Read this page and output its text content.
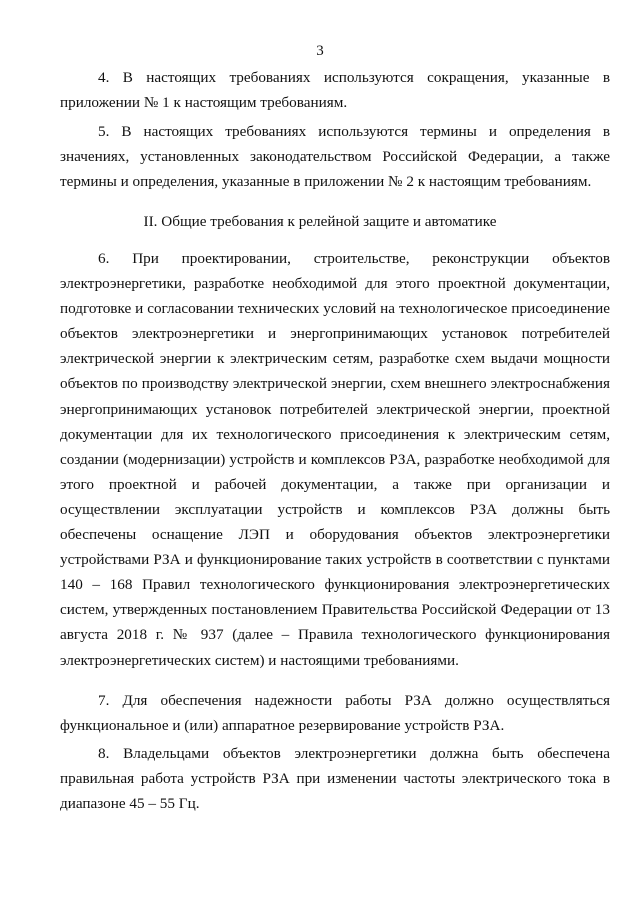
3

4. В настоящих требованиях используются сокращения, указанные в приложении № 1 к настоящим требованиям.

5. В настоящих требованиях используются термины и определения в значениях, установленных законодательством Российской Федерации, а также термины и определения, указанные в приложении № 2 к настоящим требованиям.

II. Общие требования к релейной защите и автоматике

6. При проектировании, строительстве, реконструкции объектов электроэнергетики, разработке необходимой для этого проектной документации, подготовке и согласовании технических условий на технологическое присоединение объектов электроэнергетики и энергопринимающих установок потребителей электрической энергии к электрическим сетям, разработке схем выдачи мощности объектов по производству электрической энергии, схем внешнего электроснабжения энергопринимающих установок потребителей электрической энергии, проектной документации для их технологического присоединения к электрическим сетям, создании (модернизации) устройств и комплексов РЗА, разработке необходимой для этого проектной и рабочей документации, а также при организации и осуществлении эксплуатации устройств и комплексов РЗА должны быть обеспечены оснащение ЛЭП и оборудования объектов электроэнергетики устройствами РЗА и функционирование таких устройств в соответствии с пунктами 140 – 168 Правил технологического функционирования электроэнергетических систем, утвержденных постановлением Правительства Российской Федерации от 13 августа 2018 г. № 937 (далее – Правила технологического функционирования электроэнергетических систем) и настоящими требованиями.

7. Для обеспечения надежности работы РЗА должно осуществляться функциональное и (или) аппаратное резервирование устройств РЗА.

8. Владельцами объектов электроэнергетики должна быть обеспечена правильная работа устройств РЗА при изменении частоты электрического тока в диапазоне 45 – 55 Гц.
